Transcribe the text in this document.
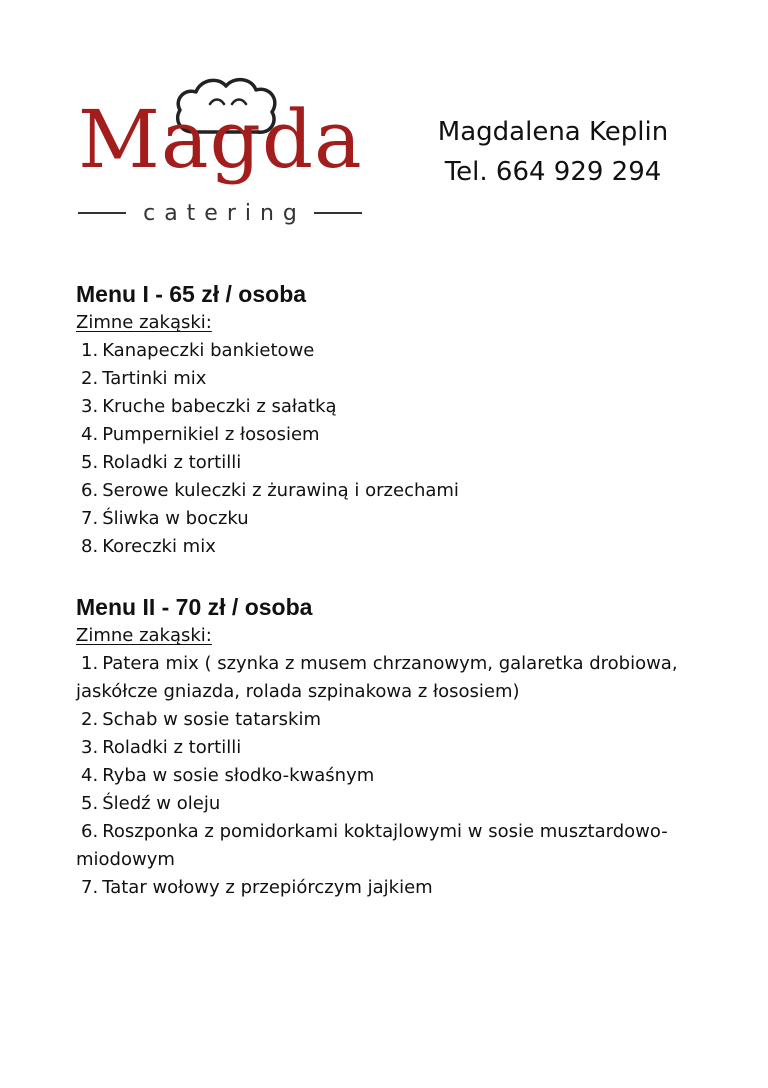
Magda
catering
Magdalena Keplin
Tel. 664 929 294
Menu I - 65 zł / osoba
Zimne zakąski:
1. Kanapeczki bankietowe
2. Tartinki mix
3. Kruche babeczki z sałatką
4. Pumpernikiel z łososiem
5. Roladki z tortilli
6. Serowe kuleczki z żurawiną i orzechami
7. Śliwka w boczku
8. Koreczki mix
Menu II - 70 zł / osoba
Zimne zakąski:
1. Patera mix ( szynka z musem chrzanowym, galaretka drobiowa, jaskółcze gniazda, rolada szpinakowa z łososiem)
2. Schab w sosie tatarskim
3. Roladki z tortilli
4. Ryba w sosie słodko-kwaśnym
5. Śledź w oleju
6. Roszponka z pomidorkami koktajlowymi w sosie musztardowo-miodowym
7. Tatar wołowy z przepiórczym jajkiem
